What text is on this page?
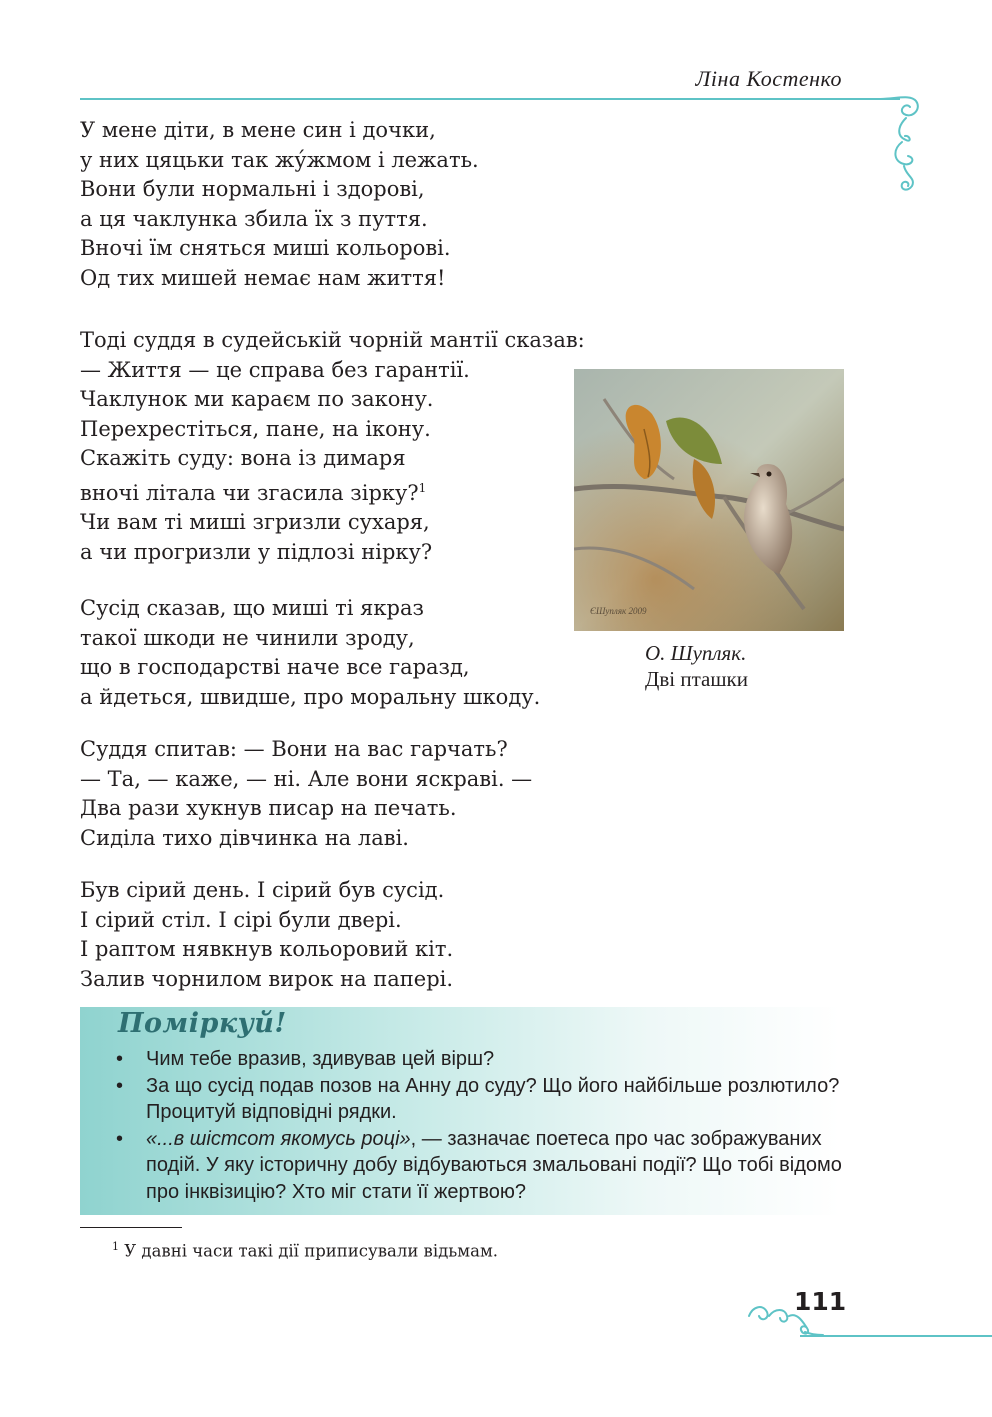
Ліна Костенко
У мене діти, в мене син і дочки,
у них цяцьки так жу́жмом і лежать.
Вони були нормальні і здорові,
а ця чаклунка збила їх з пуття.
Вночі їм сняться миші кольорові.
Од тих мишей немає нам життя!
Тоді суддя в судейській чорній мантії сказав:
— Життя — це справа без гарантії.
Чаклунок ми караєм по закону.
Перехрестіться, пане, на ікону.
Скажіть суду: вона із димаря
вночі літала чи згасила зірку?$^1$
Чи вам ті миші згризли сухаря,
а чи прогризли у підлозі нірку?
Сусід сказав, що миші ті якраз
такої шкоди не чинили зроду,
що в господарстві наче все гаразд,
а йдеться, швидше, про моральну шкоду.
Суддя спитав: — Вони на вас гарчать?
— Та, — каже, — ні. Але вони яскраві. —
Два рази хукнув писар на печать.
Сиділа тихо дівчинка на лаві.
Був сірий день. І сірий був сусід.
І сірий стіл. І сірі були двері.
І раптом нявкнув кольоровий кіт.
Залив чорнилом вирок на папері.
ЄШупляк 2009
О. Шупляк.
Дві пташки
Поміркуй!
• Чим тебе вразив, здивував цей вірш?
• За що сусід подав позов на Анну до суду? Що його найбільше розлютило? Процитуй відповідні рядки.
• «...в шістсот якомусь році», — зазначає поетеса про час зображуваних подій. У яку історичну добу відбуваються змальовані події? Що тобі відомо про інквізицію? Хто міг стати її жертвою?
$^1$ У давні часи такі дії приписували відьмам.
111
